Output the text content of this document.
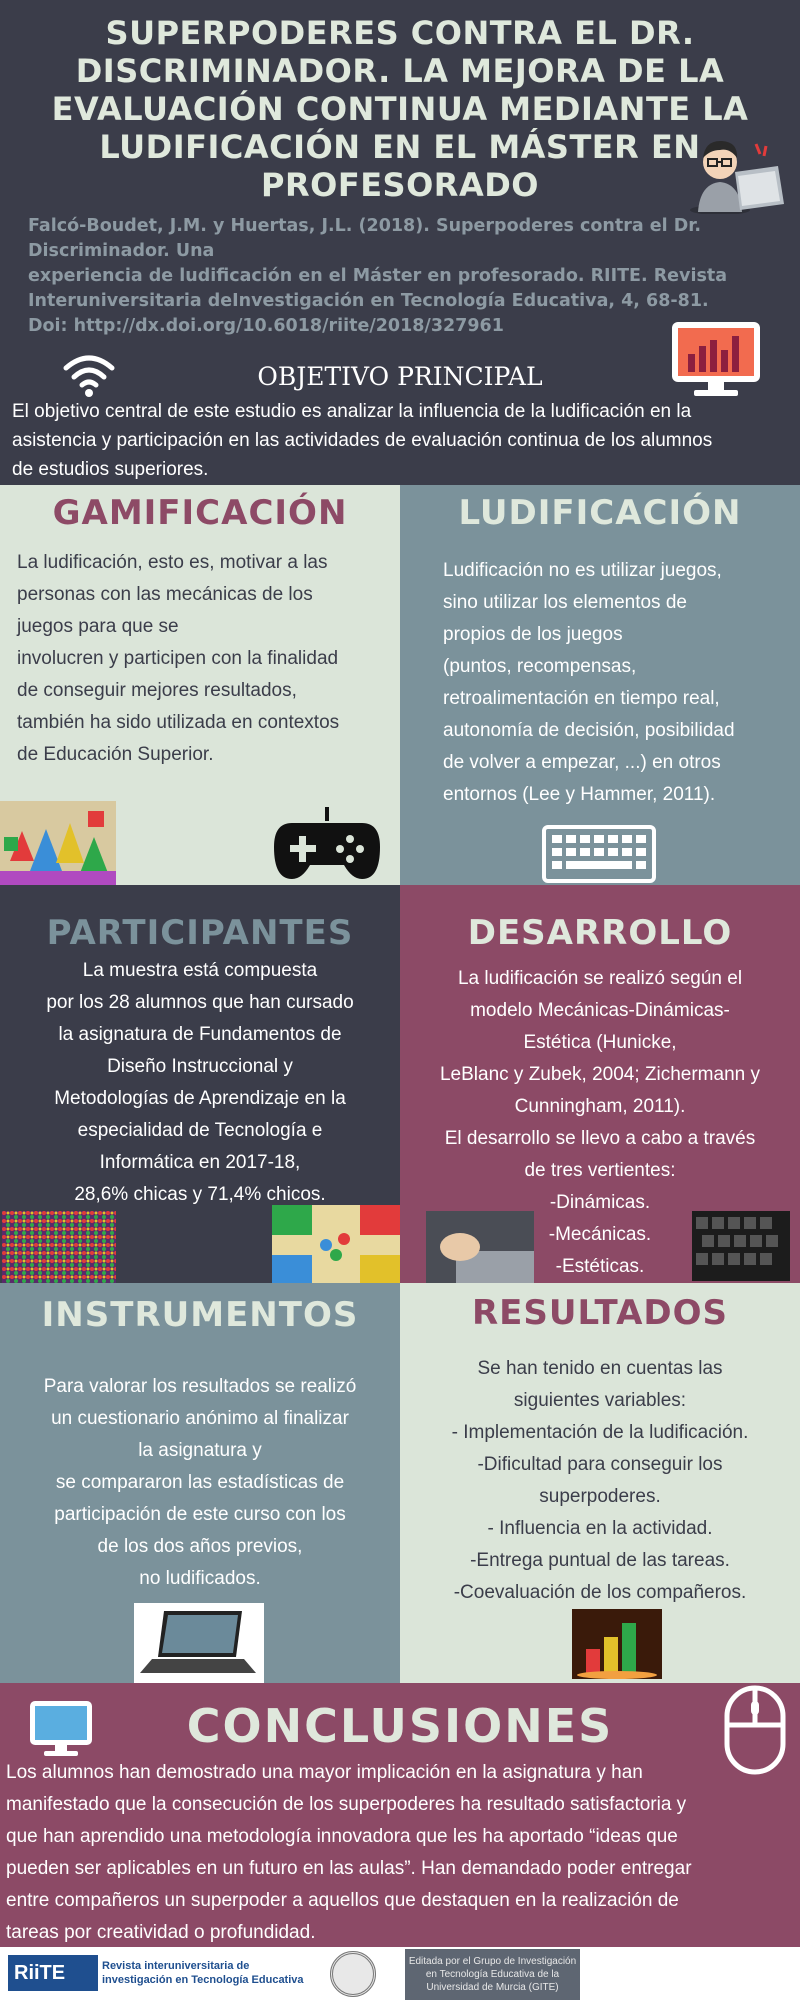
SUPERPODERES CONTRA EL DR. DISCRIMINADOR. LA MEJORA DE LA EVALUACIÓN CONTINUA MEDIANTE LA LUDIFICACIÓN EN EL MÁSTER EN PROFESORADO
Falcó-Boudet, J.M. y Huertas, J.L. (2018). Superpoderes contra el Dr.
Discriminador. Una
experiencia de ludificación en el Máster en profesorado. RIITE. Revista
Interuniversitaria deInvestigación en Tecnología Educativa, 4, 68-81.
Doi: http://dx.doi.org/10.6018/riite/2018/327961
OBJETIVO PRINCIPAL
El objetivo central de este estudio es analizar la influencia de la ludificación en la
asistencia y participación en las actividades de evaluación continua de los alumnos
de estudios superiores.
GAMIFICACIÓN
La ludificación, esto es, motivar a las
personas con las mecánicas de los
juegos para que se
involucren y participen con la finalidad
de conseguir mejores resultados,
también ha sido utilizada en contextos
de Educación Superior.
LUDIFICACIÓN
Ludificación no es utilizar juegos,
sino utilizar los elementos de
propios de los juegos
(puntos, recompensas,
retroalimentación en tiempo real,
autonomía de decisión, posibilidad
de volver a empezar, ...) en otros
entornos (Lee y Hammer, 2011).
PARTICIPANTES
La muestra está compuesta
por los 28 alumnos que han cursado
la asignatura de Fundamentos de
Diseño Instruccional y
Metodologías de Aprendizaje en la
especialidad de Tecnología e
Informática en 2017-18,
28,6% chicas y 71,4% chicos.
DESARROLLO
La ludificación se realizó según el
modelo Mecánicas-Dinámicas-
Estética (Hunicke,
LeBlanc y Zubek, 2004; Zichermann y
Cunningham, 2011).
El desarrollo se llevo a cabo a través
de tres vertientes:
-Dinámicas.
-Mecánicas.
-Estéticas.
INSTRUMENTOS
Para valorar los resultados se realizó
un cuestionario anónimo al finalizar
la asignatura y
se compararon las estadísticas de
participación de este curso con los
de los dos años previos,
no ludificados.
RESULTADOS
Se han tenido en cuentas las
siguientes variables:
- Implementación de la ludificación.
-Dificultad para conseguir los
superpoderes.
- Influencia en la actividad.
-Entrega puntual de las tareas.
-Coevaluación de los compañeros.
CONCLUSIONES
Los alumnos han demostrado una mayor implicación en la asignatura y han
manifestado que la consecución de los superpoderes ha resultado satisfactoria y
que han aprendido una metodología innovadora que les ha aportado “ideas que
pueden ser aplicables en un futuro en las aulas”. Han demandado poder entregar
entre compañeros un superpoder a aquellos que destaquen en la realización de
tareas por creatividad o profundidad.
RiiTE	Revista interuniversitaria de
investigación en Tecnología Educativa
Editada por el Grupo de Investigación
en Tecnología Educativa de la
Universidad de Murcia (GITE)
